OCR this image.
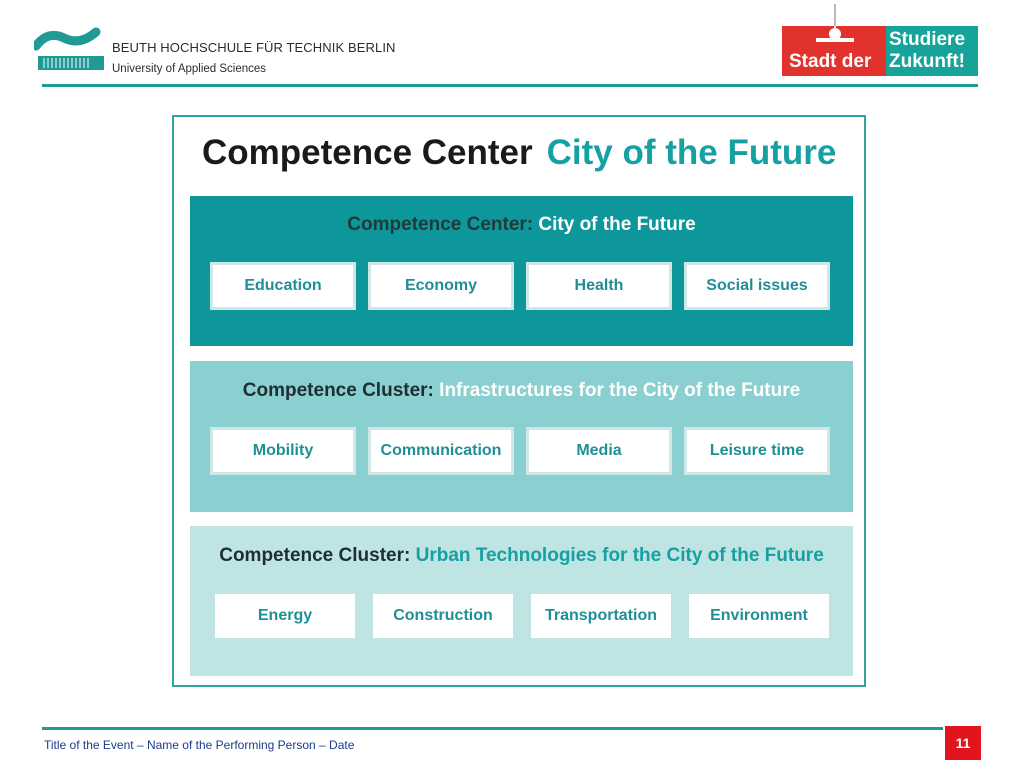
BEUTH HOCHSCHULE FÜR TECHNIK BERLIN
University of Applied Sciences
Studiere
Stadt der Zukunft!
Competence Center City of the Future
Competence Center: City of the Future
Education	Economy	Health	Social issues
Competence Cluster: Infrastructures for the City of the Future
Mobility	Communication	Media	Leisure time
Competence Cluster: Urban Technologies for the City of the Future
Energy	Construction	Transportation	Environment
Title of the Event – Name of the Performing Person – Date	11
